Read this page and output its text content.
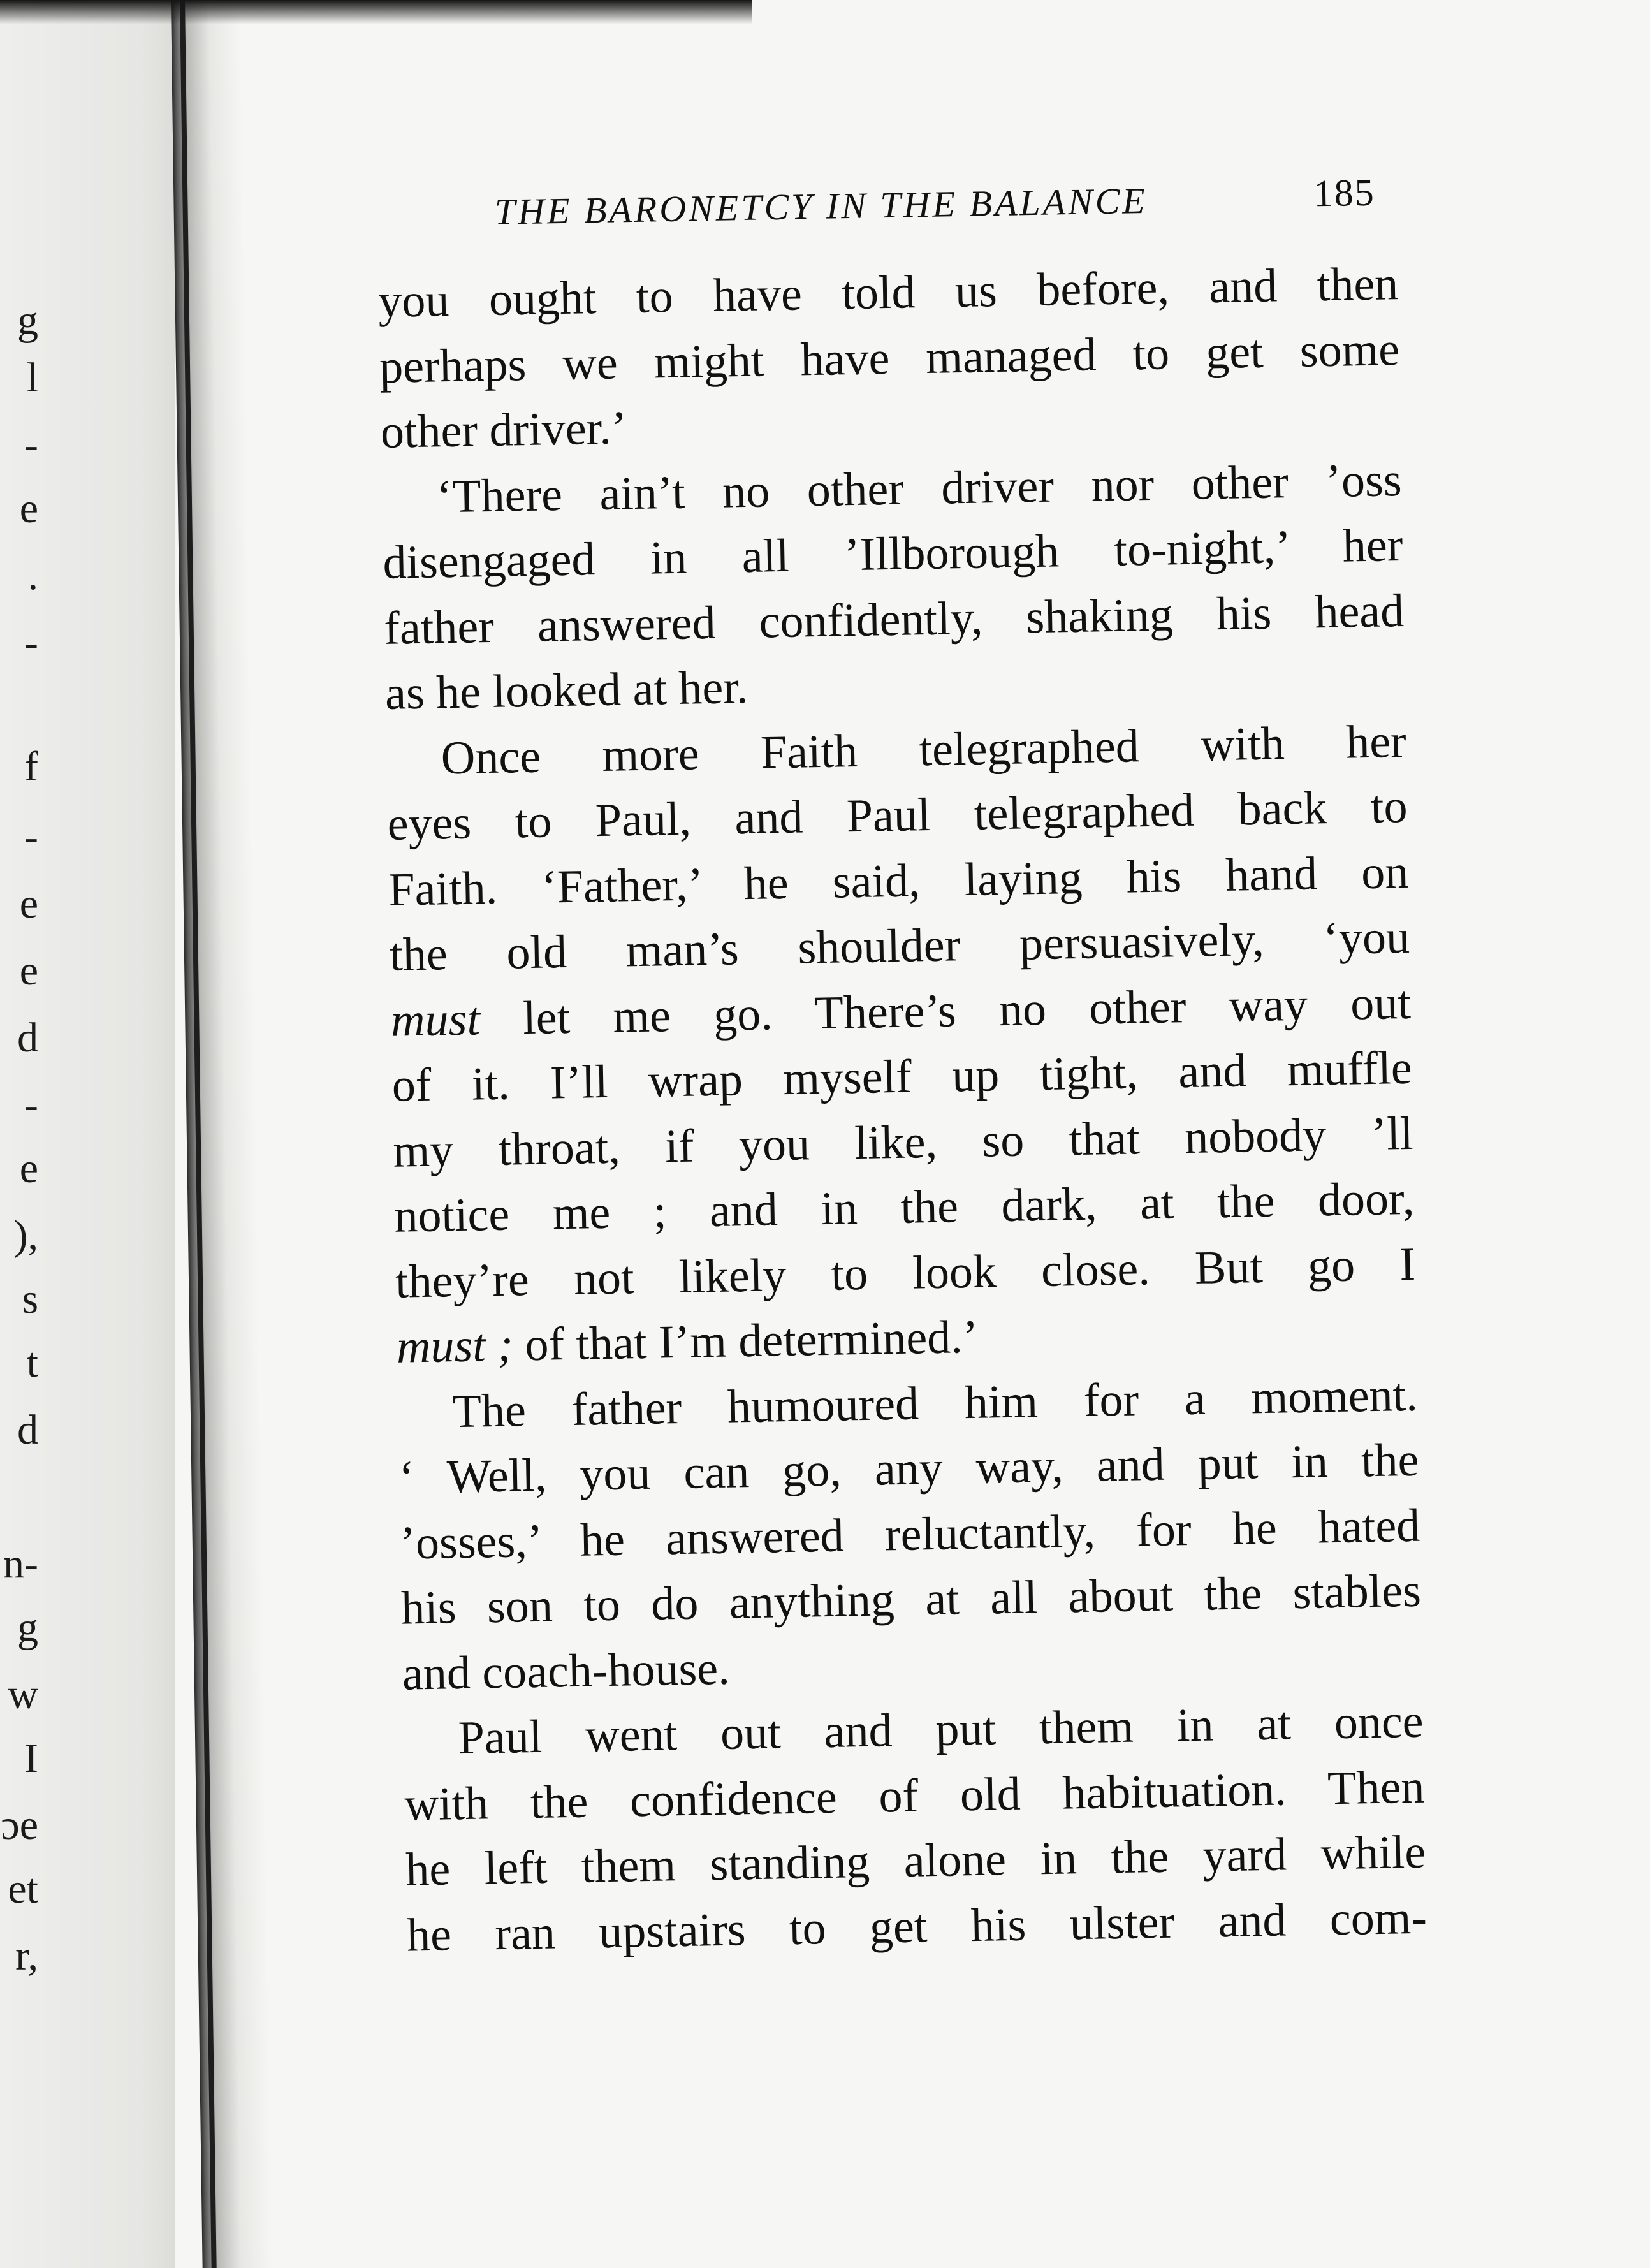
g
l
-
e
.
-
f
-
e
e
d
-
e
),
s
t
d
n-
g
w
I
ɔe
et
r,
THE BARONETCY IN THE BALANCE	185
you ought to have told us before, and then
perhaps we might have managed to get some
other driver.’
‘There ain’t no other driver nor other ’oss
disengaged in all ’Illborough to-night,’ her
father answered confidently, shaking his head
as he looked at her.
Once more Faith telegraphed with her
eyes to Paul, and Paul telegraphed back to
Faith. ‘Father,’ he said, laying his hand on
the old man’s shoulder persuasively, ‘you
must let me go. There’s no other way out
of it. I’ll wrap myself up tight, and muffle
my throat, if you like, so that nobody ’ll
notice me ; and in the dark, at the door,
they’re not likely to look close. But go I
must ; of that I’m determined.’
The father humoured him for a moment.
‘ Well, you can go, any way, and put in the
’osses,’ he answered reluctantly, for he hated
his son to do anything at all about the stables
and coach-house.
Paul went out and put them in at once
with the confidence of old habituation. Then
he left them standing alone in the yard while
he ran upstairs to get his ulster and com-
